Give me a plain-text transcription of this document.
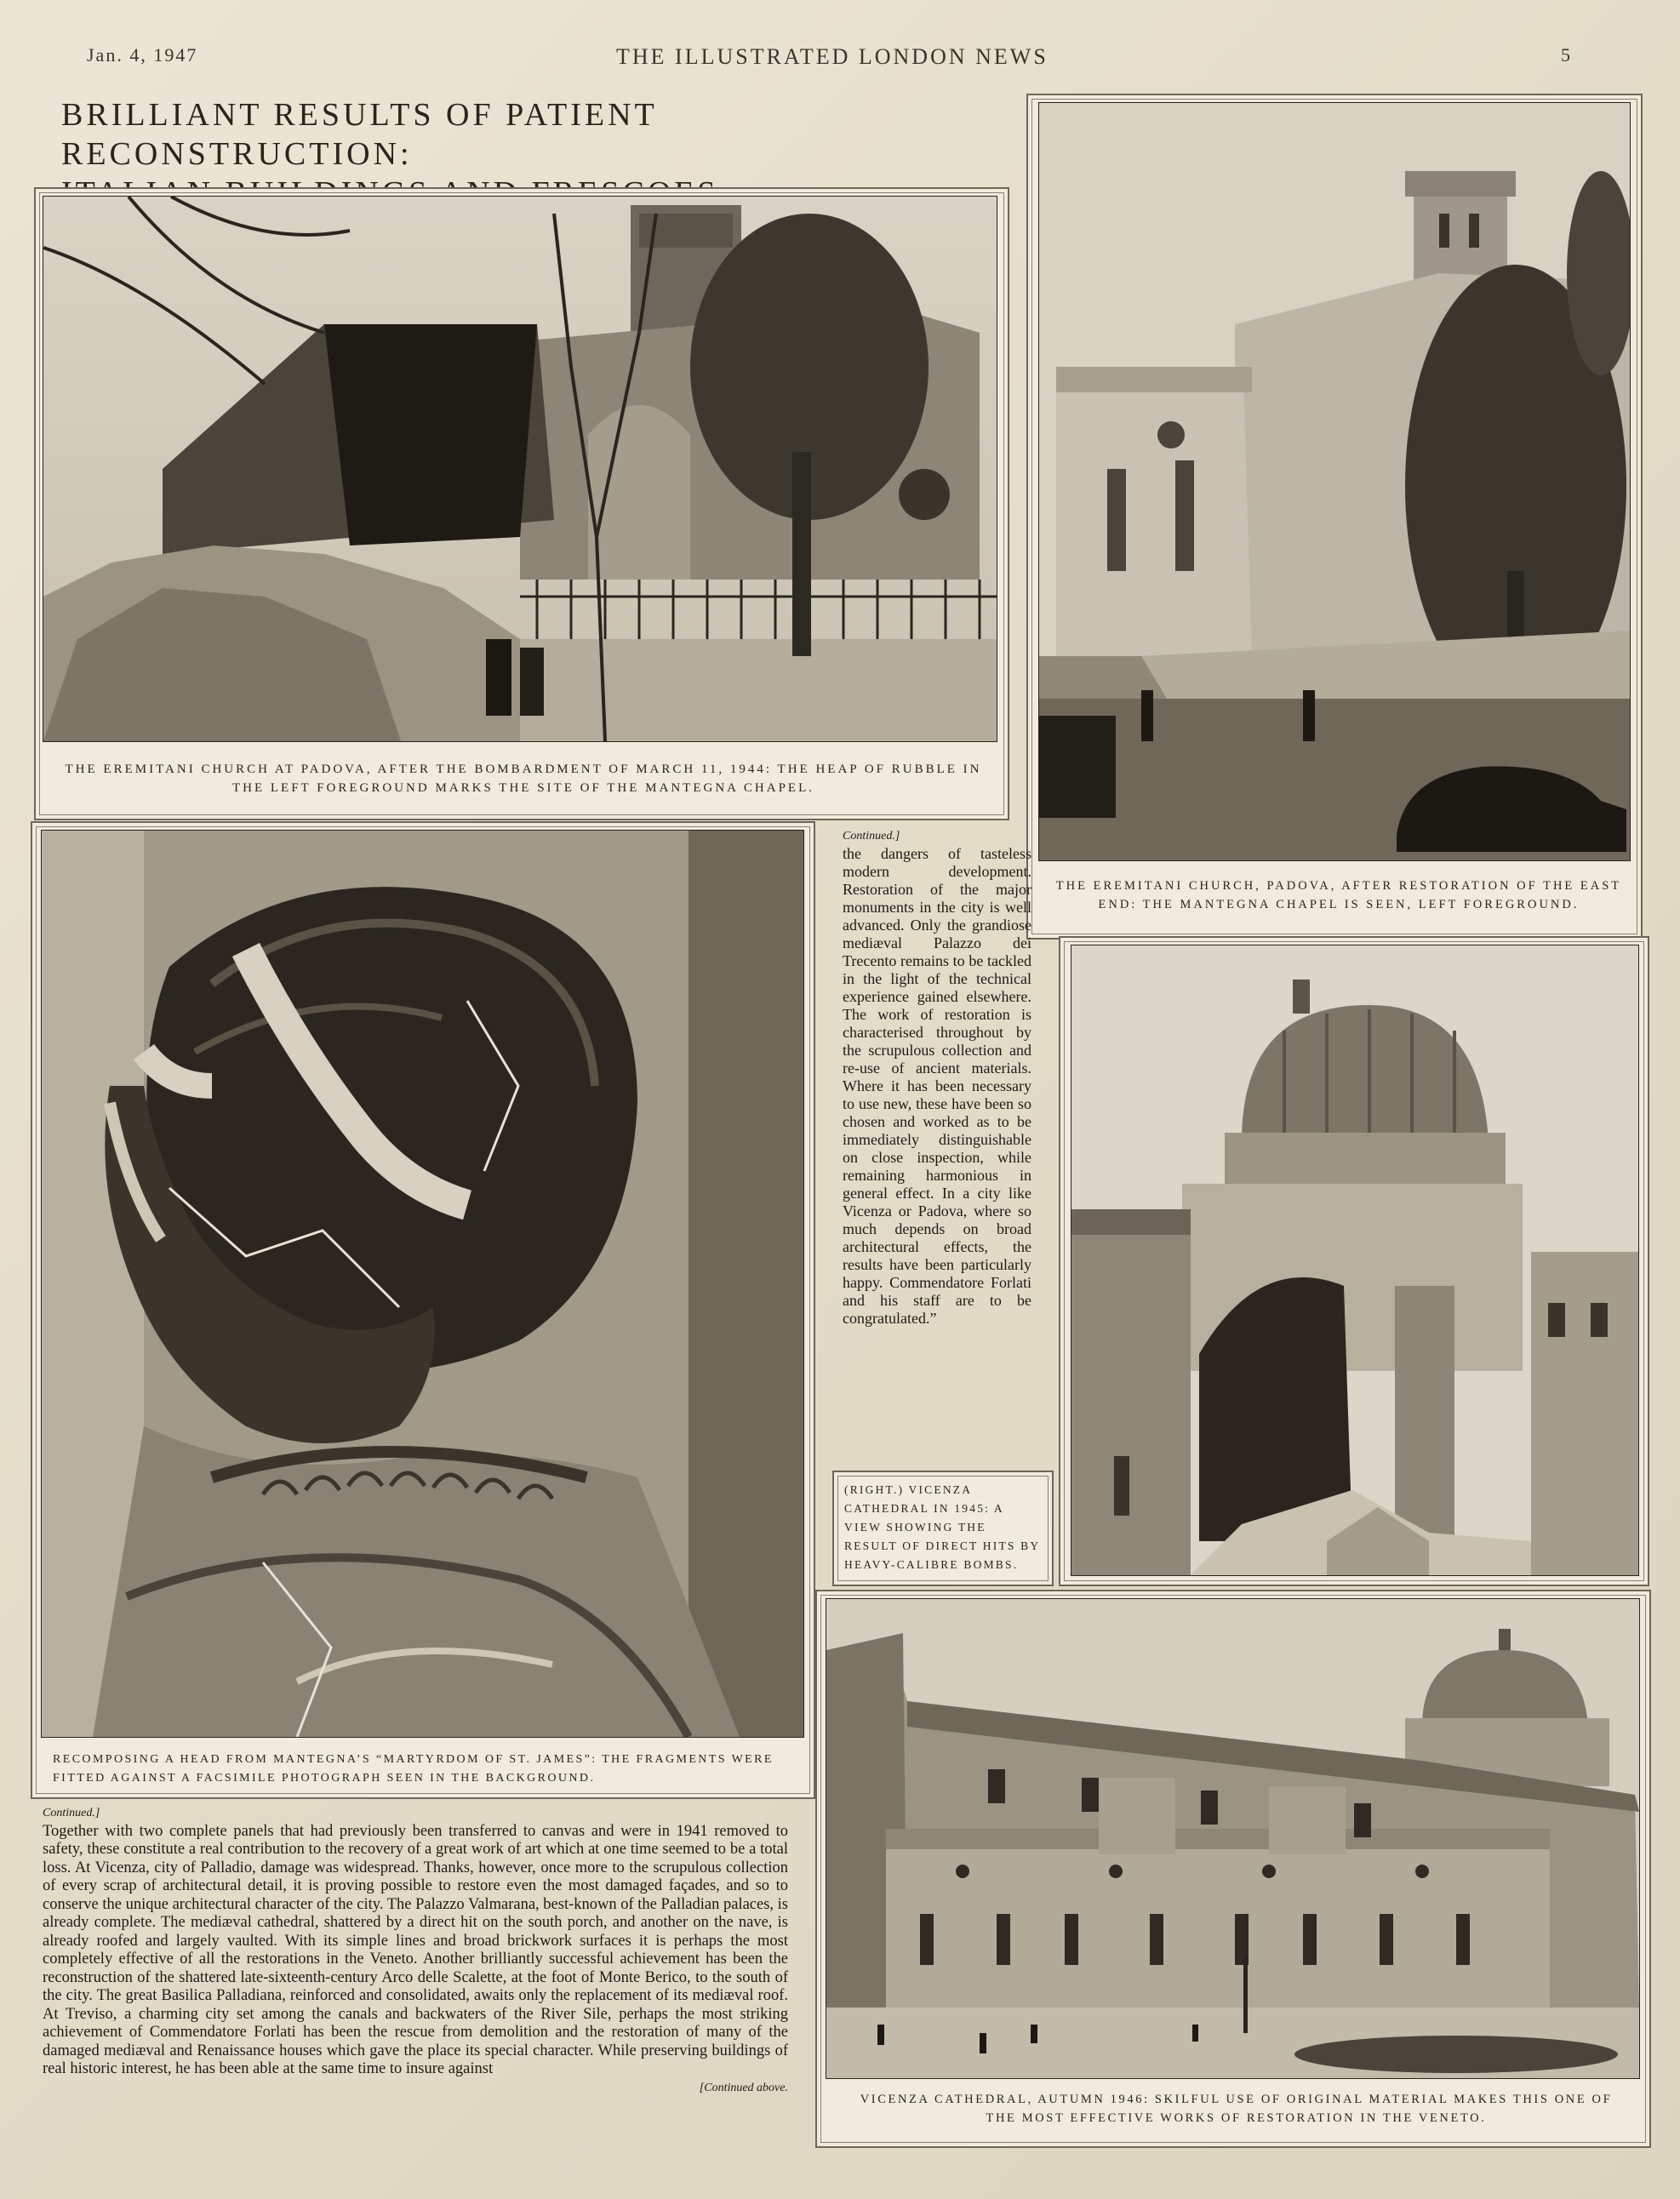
Jan. 4, 1947	THE ILLUSTRATED LONDON NEWS	5
BRILLIANT RESULTS OF PATIENT RECONSTRUCTION:
THE EREMITANI CHURCH AT PADOVA, AFTER THE BOMBARDMENT OF MARCH 11, 1944: THE HEAP OF RUBBLE IN THE LEFT FOREGROUND MARKS THE SITE OF THE MANTEGNA CHAPEL.
THE EREMITANI CHURCH, PADOVA, AFTER RESTORATION OF THE EAST END: THE MANTEGNA CHAPEL IS SEEN, LEFT FOREGROUND.
RECOMPOSING A HEAD FROM MANTEGNA’S “MARTYRDOM OF ST. JAMES”: THE FRAGMENTS WERE FITTED AGAINST A FACSIMILE PHOTOGRAPH SEEN IN THE BACKGROUND.
Continued.]
the dangers of tasteless modern development. Restoration of the major monuments in the city is well advanced. Only the grandiose mediæval Palazzo dei Trecento remains to be tackled in the light of the technical experience gained elsewhere. The work of restoration is characterised throughout by the scrupulous collection and re-use of ancient materials. Where it has been necessary to use new, these have been so chosen and worked as to be immediately distinguishable on close inspection, while remaining harmonious in general effect. In a city like Vicenza or Padova, where so much depends on broad architectural effects, the results have been particularly happy. Commendatore Forlati and his staff are to be congratulated.”
(RIGHT.) VICENZA CATHEDRAL IN 1945: A VIEW SHOWING THE RESULT OF DIRECT HITS BY HEAVY-CALIBRE BOMBS.
VICENZA CATHEDRAL, AUTUMN 1946: SKILFUL USE OF ORIGINAL MATERIAL MAKES THIS ONE OF THE MOST EFFECTIVE WORKS OF RESTORATION IN THE VENETO.
Continued.]
Together with two complete panels that had previously been transferred to canvas and were in 1941 removed to safety, these constitute a real contribution to the recovery of a great work of art which at one time seemed to be a total loss. At Vicenza, city of Palladio, damage was widespread. Thanks, however, once more to the scrupulous collection of every scrap of architectural detail, it is proving possible to restore even the most damaged façades, and so to conserve the unique architectural character of the city. The Palazzo Valmarana, best-known of the Palladian palaces, is already complete. The mediæval cathedral, shattered by a direct hit on the south porch, and another on the nave, is already roofed and largely vaulted. With its simple lines and broad brickwork surfaces it is perhaps the most completely effective of all the restorations in the Veneto. Another brilliantly successful achievement has been the reconstruction of the shattered late-sixteenth-century Arco delle Scalette, at the foot of Monte Berico, to the south of the city. The great Basilica Palladiana, reinforced and consolidated, awaits only the replacement of its mediæval roof. At Treviso, a charming city set among the canals and backwaters of the River Sile, perhaps the most striking achievement of Commendatore Forlati has been the rescue from demolition and the restoration of many of the damaged mediæval and Renaissance houses which gave the place its special character. While preserving buildings of real historic interest, he has been able at the same time to insure against
[Continued above.
